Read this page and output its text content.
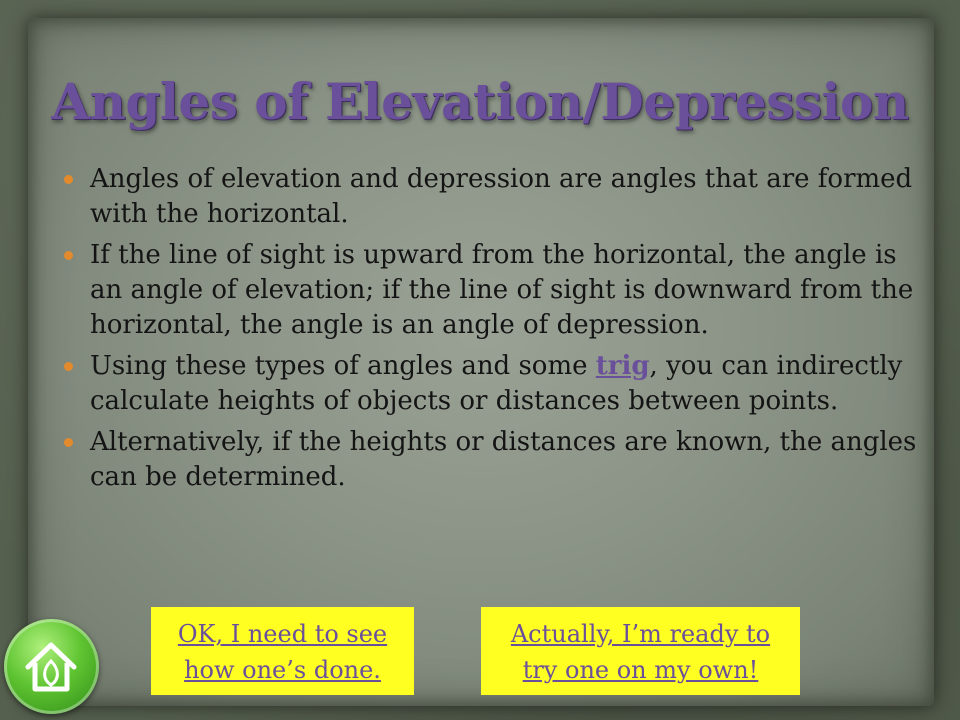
Angles of Elevation/Depression
Angles of elevation and depression are angles that are formed with the horizontal.
If the line of sight is upward from the horizontal, the angle is an angle of elevation; if the line of sight is downward from the horizontal, the angle is an angle of depression.
Using these types of angles and some trig, you can indirectly calculate heights of objects or distances between points.
Alternatively, if the heights or distances are known, the angles can be determined.
OK, I need to see
how one’s done.
Actually, I’m ready to
try one on my own!
